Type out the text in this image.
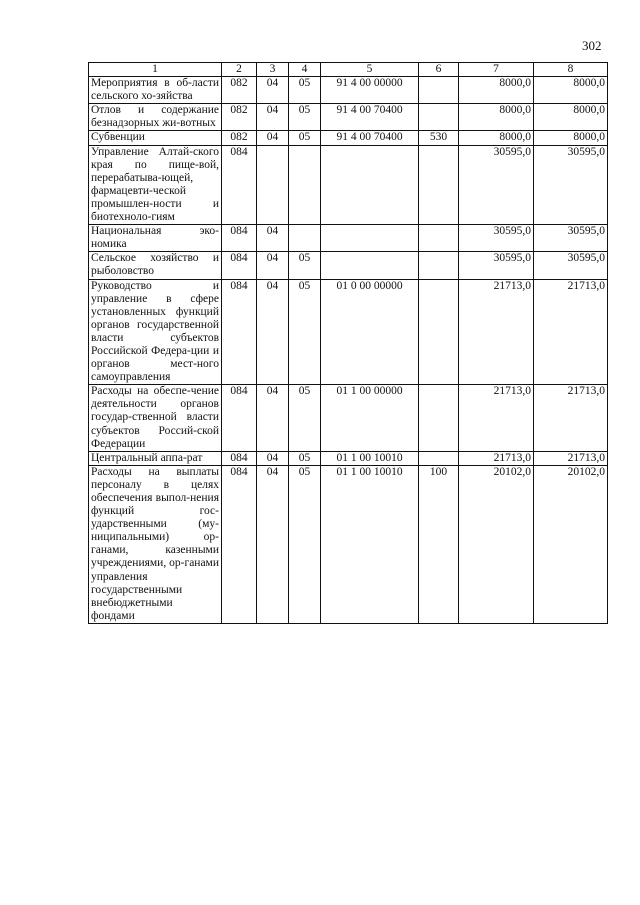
302
1	2	3	4	5	6	7	8
Мероприятия в об-ласти сельского хо-зяйства	082	04	05	91 4 00 00000		8000,0	8000,0
Отлов и содержание безнадзорных жи-вотных	082	04	05	91 4 00 70400		8000,0	8000,0
Субвенции	082	04	05	91 4 00 70400	530	8000,0	8000,0
Управление Алтай-ского края по пище-вой, перерабатыва-ющей, фармацевти-ческой промышлен-ности и биотехноло-гиям	084					30595,0	30595,0
Национальная эко-номика	084	04				30595,0	30595,0
Сельское хозяйство и рыболовство	084	04	05			30595,0	30595,0
Руководство и управление в сфере установленных функций органов государственной власти субъектов Российской Федера-ции и органов мест-ного самоуправления	084	04	05	01 0 00 00000		21713,0	21713,0
Расходы на обеспе-чение деятельности органов государ-ственной власти субъектов Россий-ской Федерации	084	04	05	01 1 00 00000		21713,0	21713,0
Центральный аппа-рат	084	04	05	01 1 00 10010		21713,0	21713,0
Расходы на выплаты персоналу в целях обеспечения выпол-нения функций гос-ударственными (му-ниципальными) ор-ганами, казенными учреждениями, ор-ганами управления государственными внебюджетными фондами	084	04	05	01 1 00 10010	100	20102,0	20102,0
